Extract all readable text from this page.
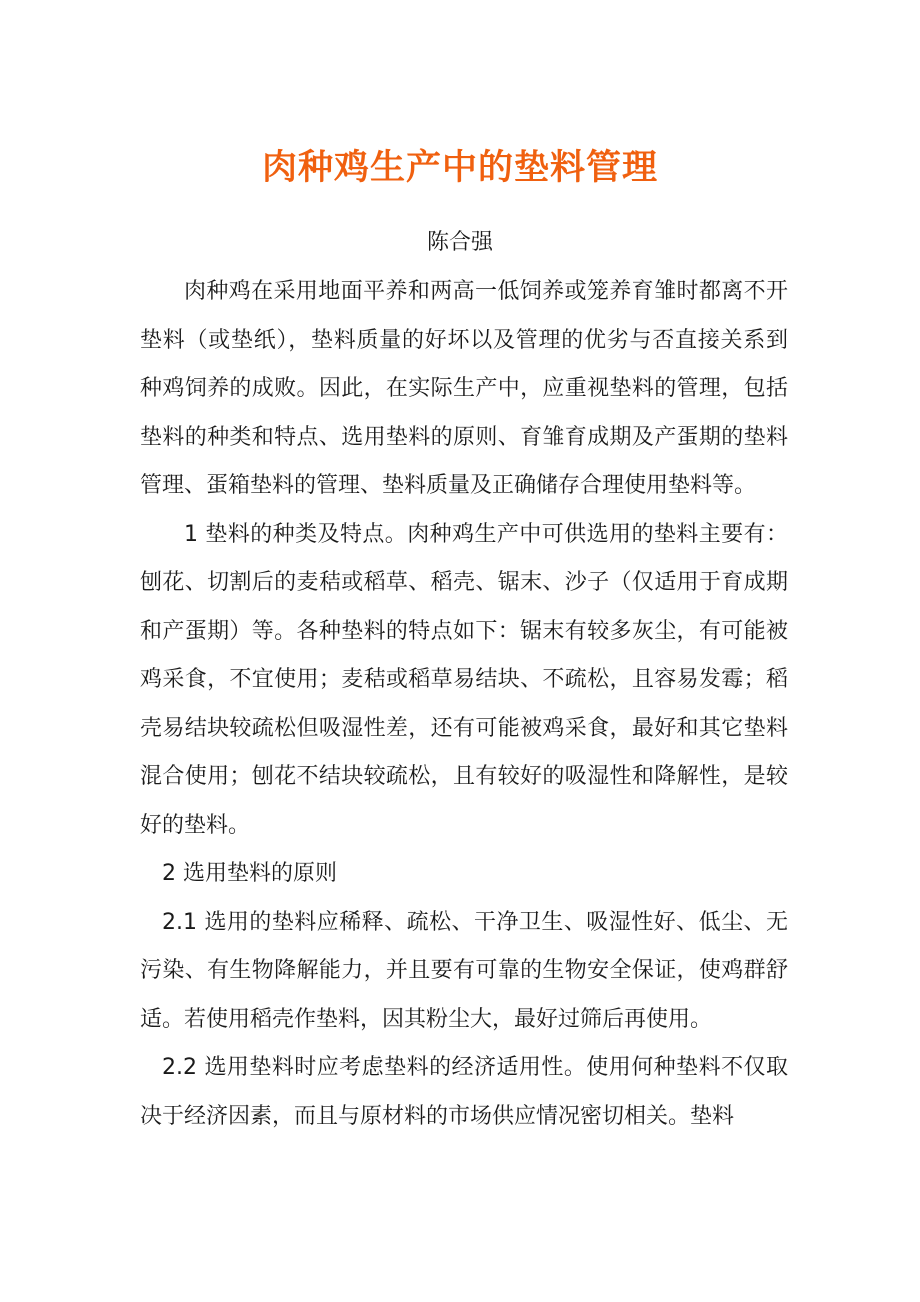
肉种鸡生产中的垫料管理

陈合强

肉种鸡在采用地面平养和两高一低饲养或笼养育雏时都离不开垫料（或垫纸），垫料质量的好坏以及管理的优劣与否直接关系到种鸡饲养的成败。因此，在实际生产中，应重视垫料的管理，包括垫料的种类和特点、选用垫料的原则、育雏育成期及产蛋期的垫料管理、蛋箱垫料的管理、垫料质量及正确储存合理使用垫料等。

1 垫料的种类及特点。肉种鸡生产中可供选用的垫料主要有：刨花、切割后的麦秸或稻草、稻壳、锯末、沙子（仅适用于育成期和产蛋期）等。各种垫料的特点如下：锯末有较多灰尘，有可能被鸡采食，不宜使用；麦秸或稻草易结块、不疏松，且容易发霉；稻壳易结块较疏松但吸湿性差，还有可能被鸡采食，最好和其它垫料混合使用；刨花不结块较疏松，且有较好的吸湿性和降解性，是较好的垫料。

2 选用垫料的原则

2.1 选用的垫料应稀释、疏松、干净卫生、吸湿性好、低尘、无污染、有生物降解能力，并且要有可靠的生物安全保证，使鸡群舒适。若使用稻壳作垫料，因其粉尘大，最好过筛后再使用。

2.2 选用垫料时应考虑垫料的经济适用性。使用何种垫料不仅取决于经济因素，而且与原材料的市场供应情况密切相关。垫料
